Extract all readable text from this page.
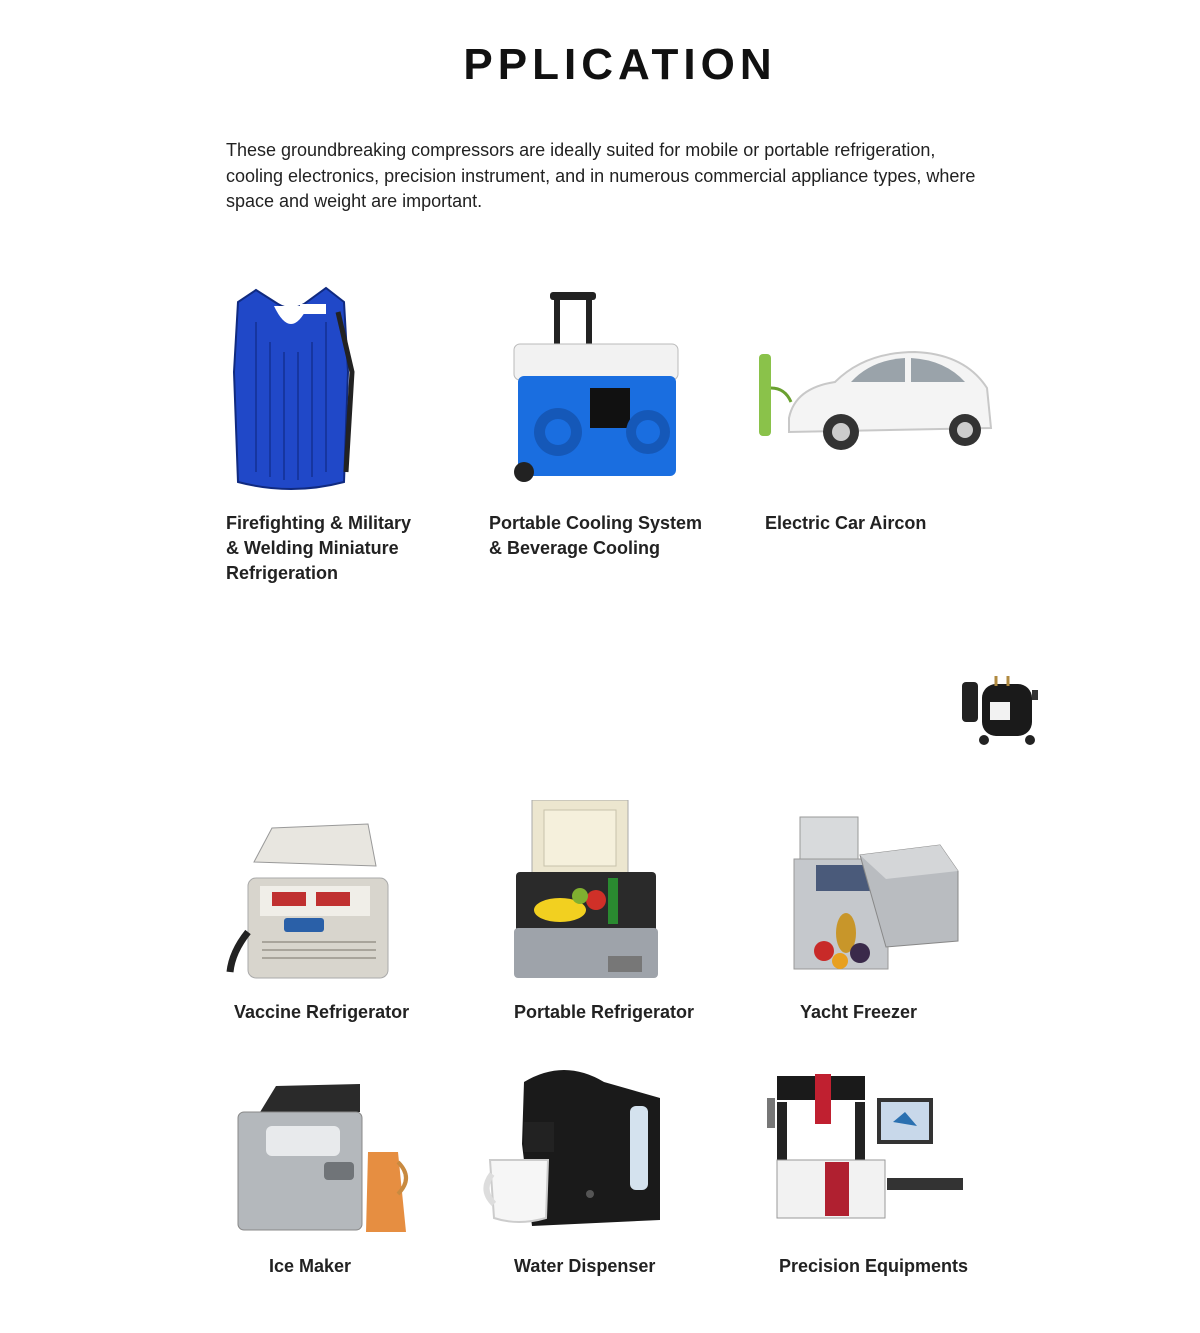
PPLICATION

These groundbreaking compressors are ideally suited for mobile or portable refrigeration, cooling electronics, precision instrument, and in numerous commercial appliance types, where space and weight are important.

Firefighting & Military
& Welding Miniature
Refrigeration
Portable Cooling System
& Beverage Cooling
Electric Car Aircon
Vaccine Refrigerator	Portable Refrigerator	Yacht Freezer
Ice Maker	Water Dispenser	Precision Equipments
